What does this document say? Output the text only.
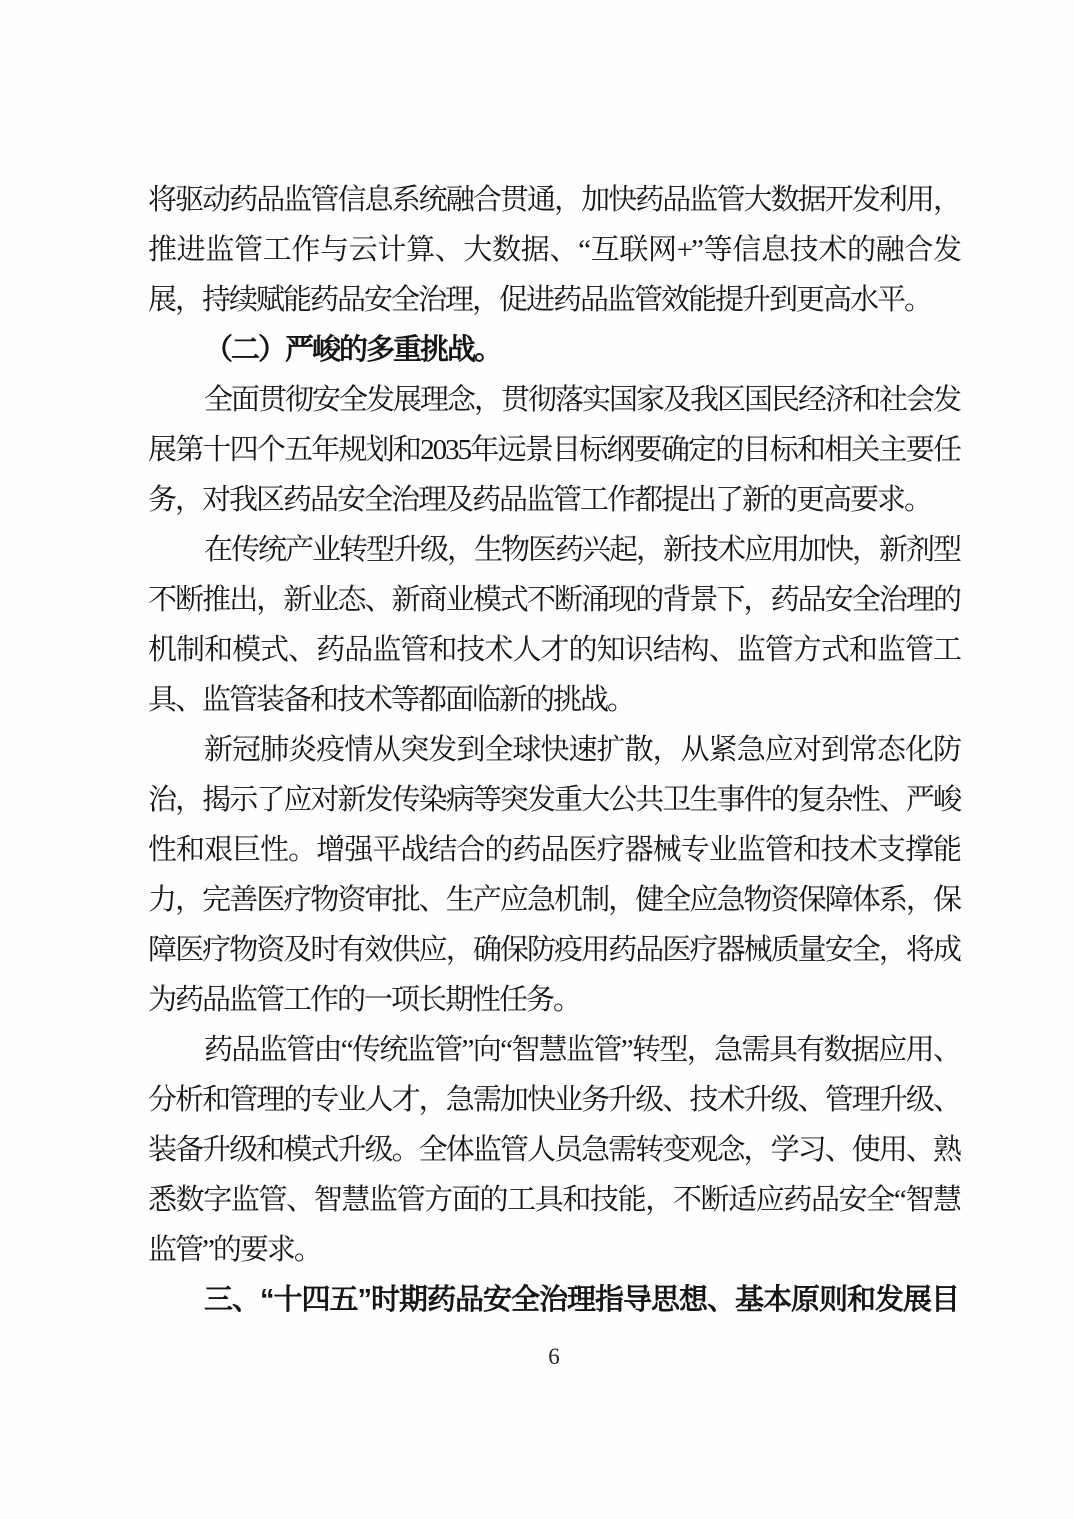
将驱动药品监管信息系统融合贯通，加快药品监管大数据开发利用，推进监管工作与云计算、大数据、“互联网+”等信息技术的融合发展，持续赋能药品安全治理，促进药品监管效能提升到更高水平。

（二）严峻的多重挑战。

全面贯彻安全发展理念，贯彻落实国家及我区国民经济和社会发展第十四个五年规划和2035年远景目标纲要确定的目标和相关主要任务，对我区药品安全治理及药品监管工作都提出了新的更高要求。

在传统产业转型升级，生物医药兴起，新技术应用加快，新剂型不断推出，新业态、新商业模式不断涌现的背景下，药品安全治理的机制和模式、药品监管和技术人才的知识结构、监管方式和监管工具、监管装备和技术等都面临新的挑战。

新冠肺炎疫情从突发到全球快速扩散，从紧急应对到常态化防治，揭示了应对新发传染病等突发重大公共卫生事件的复杂性、严峻性和艰巨性。增强平战结合的药品医疗器械专业监管和技术支撑能力，完善医疗物资审批、生产应急机制，健全应急物资保障体系，保障医疗物资及时有效供应，确保防疫用药品医疗器械质量安全，将成为药品监管工作的一项长期性任务。

药品监管由“传统监管”向“智慧监管”转型，急需具有数据应用、分析和管理的专业人才，急需加快业务升级、技术升级、管理升级、装备升级和模式升级。全体监管人员急需转变观念，学习、使用、熟悉数字监管、智慧监管方面的工具和技能，不断适应药品安全“智慧监管”的要求。

三、“十四五”时期药品安全治理指导思想、基本原则和发展目

6
